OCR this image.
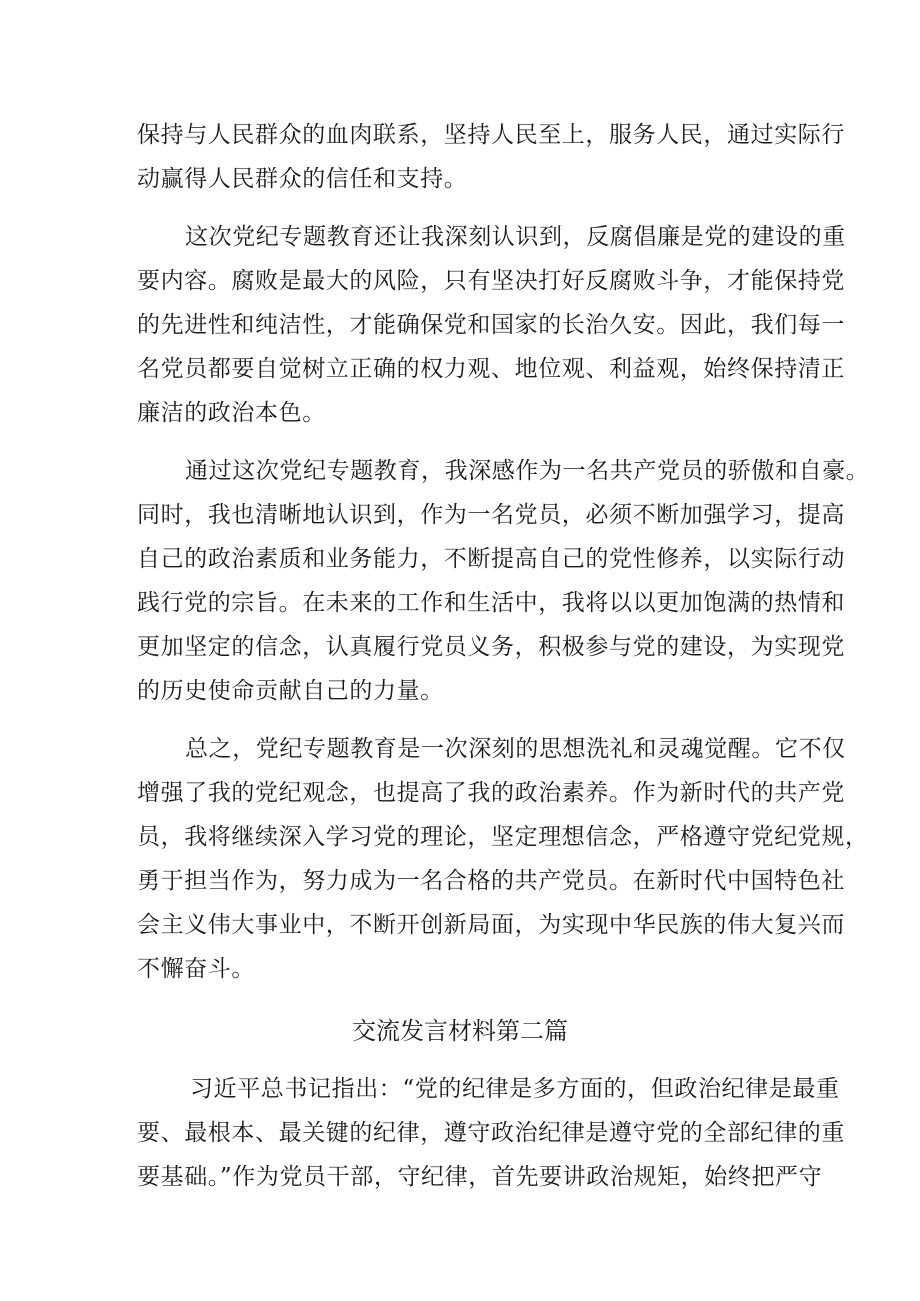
保持与人民群众的血肉联系，坚持人民至上，服务人民，通过实际行
动赢得人民群众的信任和支持。
这次党纪专题教育还让我深刻认识到，反腐倡廉是党的建设的重
要内容。腐败是最大的风险，只有坚决打好反腐败斗争，才能保持党
的先进性和纯洁性，才能确保党和国家的长治久安。因此，我们每一
名党员都要自觉树立正确的权力观、地位观、利益观，始终保持清正
廉洁的政治本色。
通过这次党纪专题教育，我深感作为一名共产党员的骄傲和自豪。
同时，我也清晰地认识到，作为一名党员，必须不断加强学习，提高
自己的政治素质和业务能力，不断提高自己的党性修养，以实际行动
践行党的宗旨。在未来的工作和生活中，我将以以更加饱满的热情和
更加坚定的信念，认真履行党员义务，积极参与党的建设，为实现党
的历史使命贡献自己的力量。
总之，党纪专题教育是一次深刻的思想洗礼和灵魂觉醒。它不仅
增强了我的党纪观念，也提高了我的政治素养。作为新时代的共产党
员，我将继续深入学习党的理论，坚定理想信念，严格遵守党纪党规，
勇于担当作为，努力成为一名合格的共产党员。在新时代中国特色社
会主义伟大事业中，不断开创新局面，为实现中华民族的伟大复兴而
不懈奋斗。
交流发言材料第二篇
习近平总书记指出：“党的纪律是多方面的，但政治纪律是最重
要、最根本、最关键的纪律，遵守政治纪律是遵守党的全部纪律的重
要基础。”作为党员干部，守纪律，首先要讲政治规矩，始终把严守
